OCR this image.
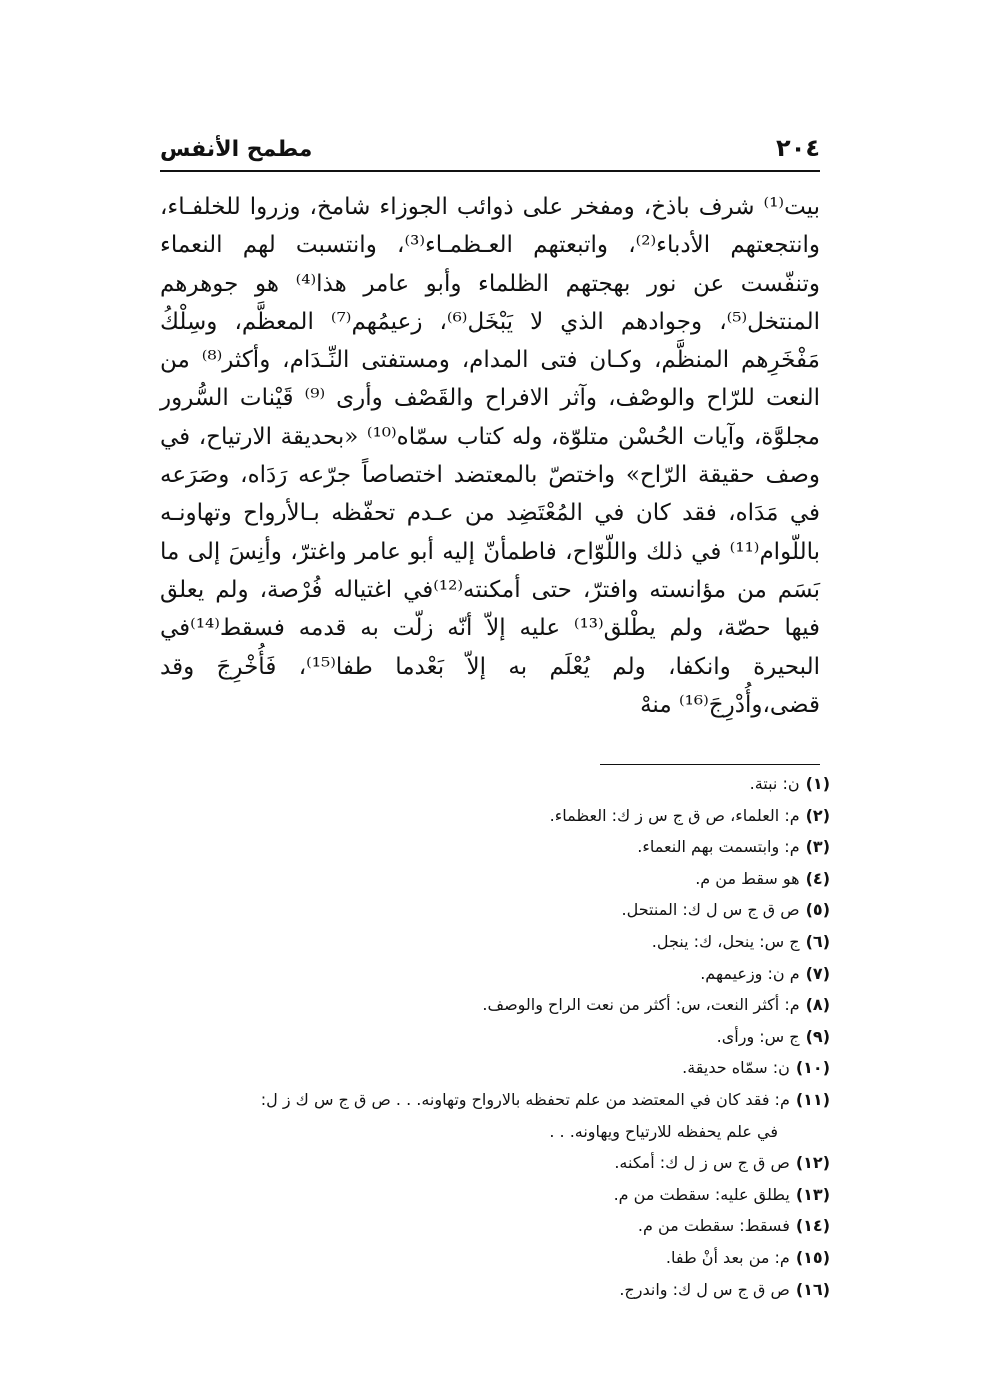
٢٠٤
مطمح الأنفس

بيت⁽¹⁾ شرف باذخ، ومفخر على ذوائب الجوزاء شامخ، وزروا للخلفـاء، وانتجعتهم الأدباء⁽²⁾، واتبعتهم العـظمـاء⁽³⁾، وانتسبت لهم النعماء وتنفّست عن نور بهجتهم الظلماء وأبو عامر هذا⁽⁴⁾ هو جوهرهم المنتخل⁽⁵⁾، وجوادهم الذي لا يَبْخَل⁽⁶⁾، زعيمُهم⁽⁷⁾ المعظَّم، وسِلْكُ مَفْخَرِهم المنظَّم، وكـان فتى المدام، ومستفتى النِّـدَام، وأكثر⁽⁸⁾ من النعت للرّاح والوصْف، وآثر الافراح والقَصْف وأرى ⁽⁹⁾ قَيْنات السُّرور مجلوَّة، وآيات الحُسْن متلوّة، وله كتاب سمّاه⁽¹⁰⁾ «بحديقة الارتياح، في وصف حقيقة الرّاح» واختصّ بالمعتضد اختصاصاً جرّعه رَدَاه، وصَرَعه في مَدَاه، فقد كان في المُعْتَضِد من عـدم تحفّظه بـالأرواح وتهاونـه باللّوام⁽¹¹⁾ في ذلك واللّوّاح، فاطمأنّ إليه أبو عامر واغترّ، وأنِسَ إلى ما بَسَم من مؤانسته وافترّ، حتى أمكنته⁽¹²⁾في اغتياله فُرْصة، ولم يعلق فيها حصّة، ولم يطْلق⁽¹³⁾ عليه إلاّ أنّه زلّت به قدمه فسقط⁽¹⁴⁾في البحيرة وانكفا، ولم يُعْلَم به إلاّ بَعْدما طفا⁽¹⁵⁾، فَأُخْرِجَ وقد قضى،وأُدْرِجَ⁽¹⁶⁾ منهْ

(١)ن: نبتة.
(٢)م: العلماء، ص ق ج س ز ك: العظماء.
(٣)م: وابتسمت بهم النعماء.
(٤)هو سقط من م.
(٥)ص ق ج س ل ك: المنتحل.
(٦)ج س: ينحل، ك: ينجل.
(٧)م ن: وزعيمهم.
(٨)م: أكثر النعت، س: أكثر من نعت الراح والوصف.
(٩)ج س: ورأى.
(١٠)ن: سمّاه حديقة.
(١١)م: فقد كان في المعتضد من علم تحفظه بالارواح وتهاونه. . . ص ق ج س ك ز ل:
في علم يحفظه للارتياح ويهاونه. . .
(١٢)ص ق ج س ز ل ك: أمكنه.
(١٣)يطلق عليه: سقطت من م.
(١٤)فسقط: سقطت من م.
(١٥)م: من بعد أنْ طفا.
(١٦)ص ق ج س ل ك: واندرج.
